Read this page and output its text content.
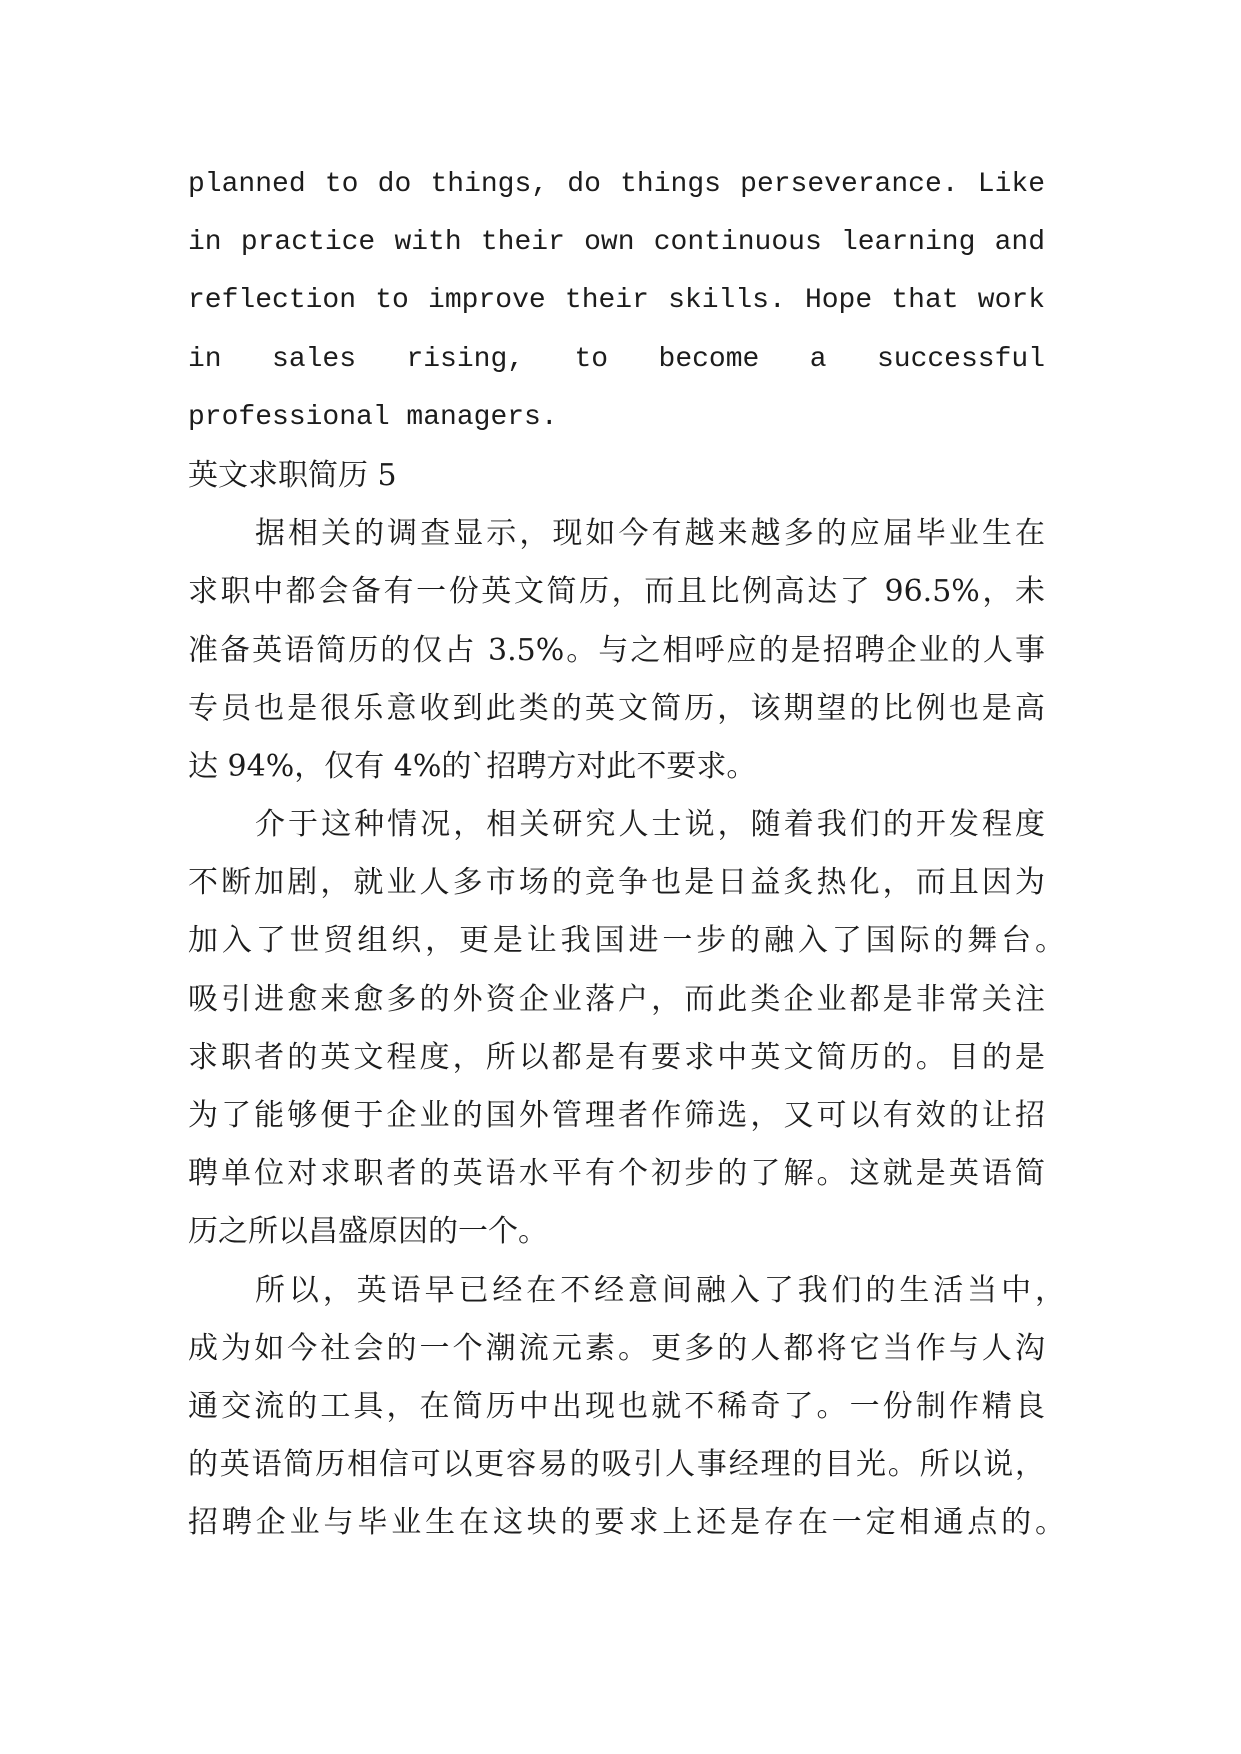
planned to do things, do things perseverance. Like
in practice with their own continuous learning and
reflection to improve their skills. Hope that work
in sales rising, to become a successful
professional managers.
英文求职简历 5
据相关的调查显示，现如今有越来越多的应届毕业生在
求职中都会备有一份英文简历，而且比例高达了 96.5%，未
准备英语简历的仅占 3.5%。与之相呼应的是招聘企业的人事
专员也是很乐意收到此类的英文简历，该期望的比例也是高
达 94%，仅有 4%的`招聘方对此不要求。
介于这种情况，相关研究人士说，随着我们的开发程度
不断加剧，就业人多市场的竞争也是日益炙热化，而且因为
加入了世贸组织，更是让我国进一步的融入了国际的舞台。
吸引进愈来愈多的外资企业落户，而此类企业都是非常关注
求职者的英文程度，所以都是有要求中英文简历的。目的是
为了能够便于企业的国外管理者作筛选，又可以有效的让招
聘单位对求职者的英语水平有个初步的了解。这就是英语简
历之所以昌盛原因的一个。
所以，英语早已经在不经意间融入了我们的生活当中，
成为如今社会的一个潮流元素。更多的人都将它当作与人沟
通交流的工具，在简历中出现也就不稀奇了。一份制作精良
的英语简历相信可以更容易的吸引人事经理的目光。所以说，
招聘企业与毕业生在这块的要求上还是存在一定相通点的。
